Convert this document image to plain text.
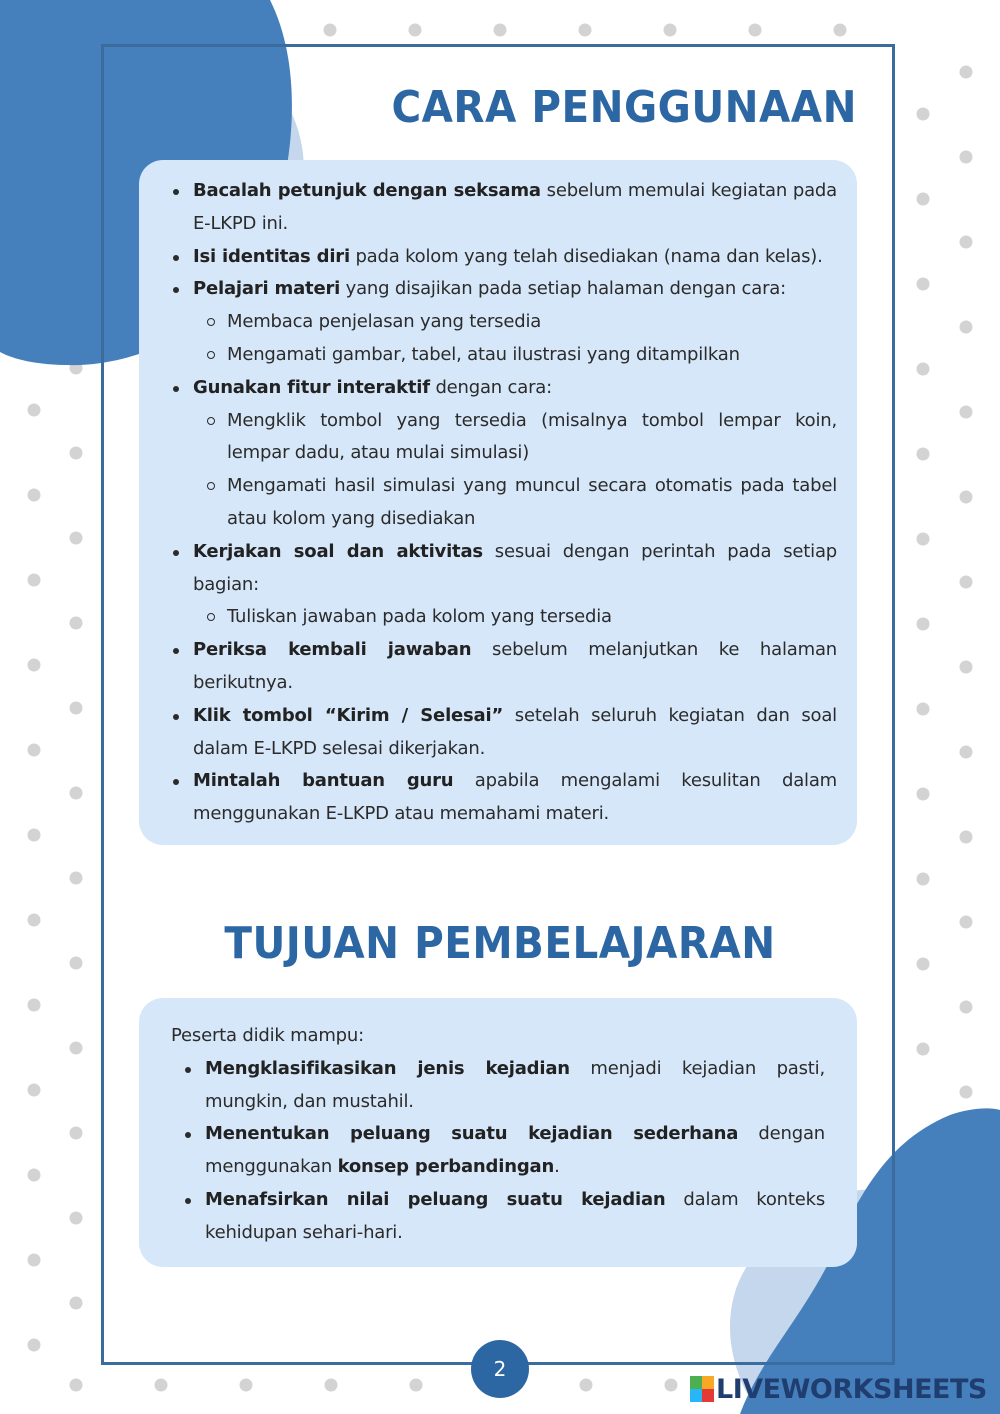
CARA PENGGUNAAN
Bacalah petunjuk dengan seksama sebelum memulai kegiatan pada E-LKPD ini.
Isi identitas diri pada kolom yang telah disediakan (nama dan kelas).
Pelajari materi yang disajikan pada setiap halaman dengan cara:
Membaca penjelasan yang tersedia
Mengamati gambar, tabel, atau ilustrasi yang ditampilkan
Gunakan fitur interaktif dengan cara:
Mengklik tombol yang tersedia (misalnya tombol lempar koin, lempar dadu, atau mulai simulasi)
Mengamati hasil simulasi yang muncul secara otomatis pada tabel atau kolom yang disediakan
Kerjakan soal dan aktivitas sesuai dengan perintah pada setiap bagian:
Tuliskan jawaban pada kolom yang tersedia
Periksa kembali jawaban sebelum melanjutkan ke halaman berikutnya.
Klik tombol “Kirim / Selesai” setelah seluruh kegiatan dan soal dalam E-LKPD selesai dikerjakan.
Mintalah bantuan guru apabila mengalami kesulitan dalam menggunakan E-LKPD atau memahami materi.
TUJUAN PEMBELAJARAN

Peserta didik mampu:

Mengklasifikasikan jenis kejadian menjadi kejadian pasti, mungkin, dan mustahil.
Menentukan peluang suatu kejadian sederhana dengan menggunakan konsep perbandingan.
Menafsirkan nilai peluang suatu kejadian dalam konteks kehidupan sehari-hari.
2
LIVEWORKSHEETS
